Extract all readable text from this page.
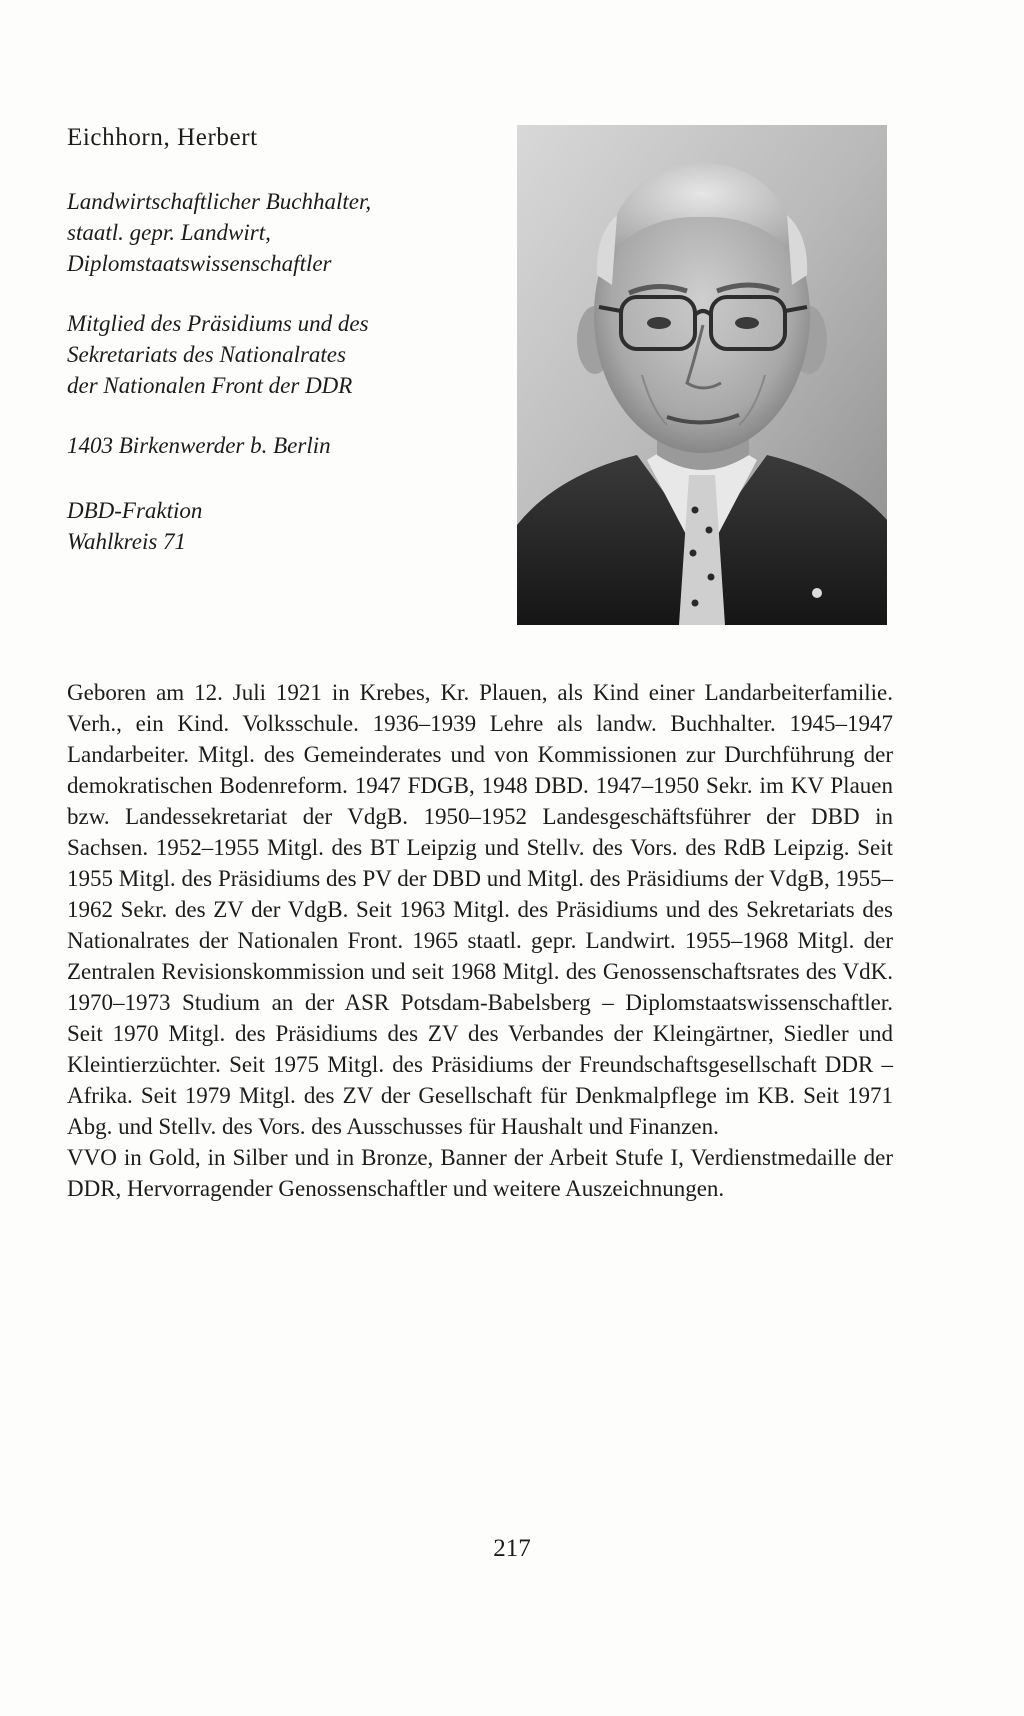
Eichhorn, Herbert
Landwirtschaftlicher Buchhalter,
staatl. gepr. Landwirt,
Diplomstaatswissenschaftler
Mitglied des Präsidiums und des
Sekretariats des Nationalrates
der Nationalen Front der DDR
1403 Birkenwerder b. Berlin
DBD-Fraktion
Wahlkreis 71

Geboren am 12. Juli 1921 in Krebes, Kr. Plauen, als Kind einer Landarbeiterfamilie. Verh., ein Kind. Volksschule. 1936–1939 Lehre als landw. Buchhalter. 1945–1947 Landarbeiter. Mitgl. des Gemeinderates und von Kommissionen zur Durchführung der demokratischen Bodenreform. 1947 FDGB, 1948 DBD. 1947–1950 Sekr. im KV Plauen bzw. Landessekretariat der VdgB. 1950–1952 Landesgeschäftsführer der DBD in Sachsen. 1952–1955 Mitgl. des BT Leipzig und Stellv. des Vors. des RdB Leipzig. Seit 1955 Mitgl. des Präsidiums des PV der DBD und Mitgl. des Präsidiums der VdgB, 1955–1962 Sekr. des ZV der VdgB. Seit 1963 Mitgl. des Präsidiums und des Sekretariats des Nationalrates der Nationalen Front. 1965 staatl. gepr. Landwirt. 1955–1968 Mitgl. der Zentralen Revisionskommission und seit 1968 Mitgl. des Genossenschaftsrates des VdK. 1970–1973 Studium an der ASR Potsdam-Babelsberg – Diplomstaatswissenschaftler. Seit 1970 Mitgl. des Präsidiums des ZV des Verbandes der Kleingärtner, Siedler und Kleintierzüchter. Seit 1975 Mitgl. des Präsidiums der Freundschaftsgesellschaft DDR – Afrika. Seit 1979 Mitgl. des ZV der Gesellschaft für Denkmalpflege im KB. Seit 1971 Abg. und Stellv. des Vors. des Ausschusses für Haushalt und Finanzen.

VVO in Gold, in Silber und in Bronze, Banner der Arbeit Stufe I, Verdienstmedaille der DDR, Hervorragender Genossenschaftler und weitere Auszeichnungen.

217
